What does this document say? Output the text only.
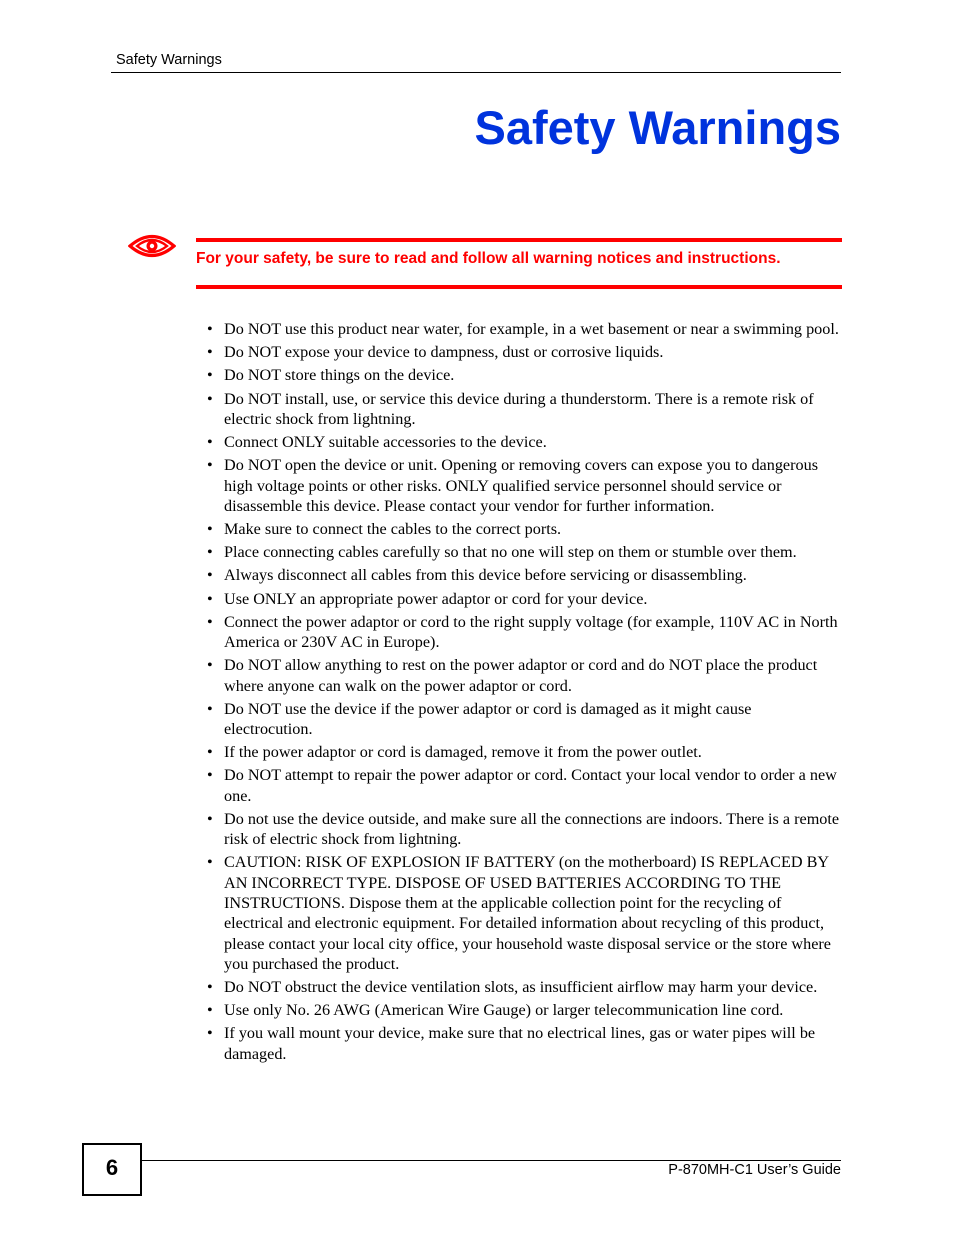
Safety Warnings
Safety Warnings
For your safety, be sure to read and follow all warning notices and instructions.
• Do NOT use this product near water, for example, in a wet basement or near a swimming pool.
• Do NOT expose your device to dampness, dust or corrosive liquids.
• Do NOT store things on the device.
• Do NOT install, use, or service this device during a thunderstorm. There is a remote risk of electric shock from lightning.
• Connect ONLY suitable accessories to the device.
• Do NOT open the device or unit. Opening or removing covers can expose you to dangerous high voltage points or other risks. ONLY qualified service personnel should service or disassemble this device. Please contact your vendor for further information.
• Make sure to connect the cables to the correct ports.
• Place connecting cables carefully so that no one will step on them or stumble over them.
• Always disconnect all cables from this device before servicing or disassembling.
• Use ONLY an appropriate power adaptor or cord for your device.
• Connect the power adaptor or cord to the right supply voltage (for example, 110V AC in North America or 230V AC in Europe).
• Do NOT allow anything to rest on the power adaptor or cord and do NOT place the product where anyone can walk on the power adaptor or cord.
• Do NOT use the device if the power adaptor or cord is damaged as it might cause electrocution.
• If the power adaptor or cord is damaged, remove it from the power outlet.
• Do NOT attempt to repair the power adaptor or cord. Contact your local vendor to order a new one.
• Do not use the device outside, and make sure all the connections are indoors. There is a remote risk of electric shock from lightning.
• CAUTION: RISK OF EXPLOSION IF BATTERY (on the motherboard) IS REPLACED BY AN INCORRECT TYPE. DISPOSE OF USED BATTERIES ACCORDING TO THE INSTRUCTIONS. Dispose them at the applicable collection point for the recycling of electrical and electronic equipment. For detailed information about recycling of this product, please contact your local city office, your household waste disposal service or the store where you purchased the product.
• Do NOT obstruct the device ventilation slots, as insufficient airflow may harm your device.
• Use only No. 26 AWG (American Wire Gauge) or larger telecommunication line cord.
• If you wall mount your device, make sure that no electrical lines, gas or water pipes will be damaged.
6	P-870MH-C1 User’s Guide
